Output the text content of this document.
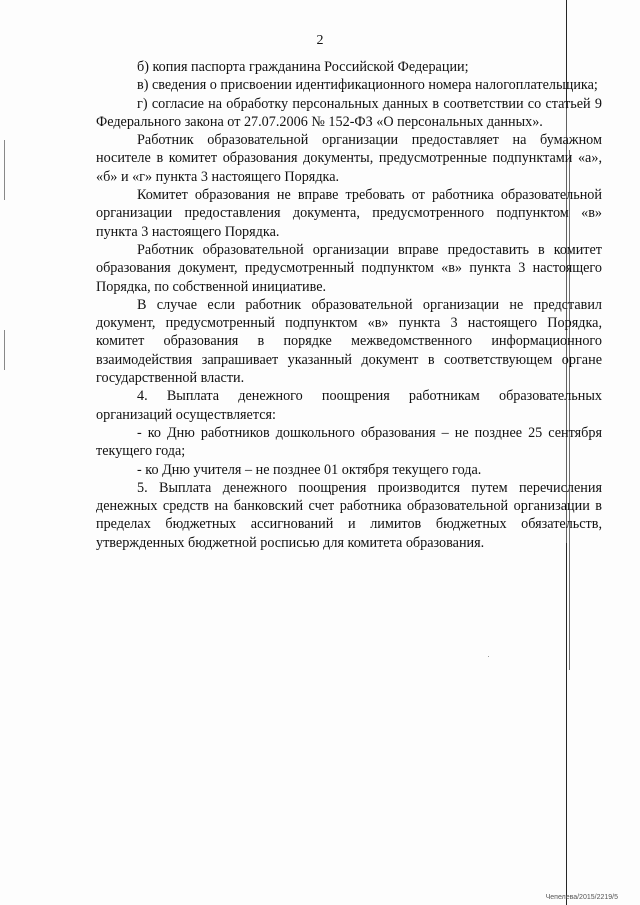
2

б) копия паспорта гражданина Российской Федерации;

в) сведения о присвоении идентификационного номера налогоплательщика;

г) согласие на обработку персональных данных в соответствии со статьей 9 Федерального закона от 27.07.2006 № 152-ФЗ «О персональных данных».

Работник образовательной организации предоставляет на бумажном носителе в комитет образования документы, предусмотренные подпунктами «а», «б» и «г» пункта 3 настоящего Порядка.

Комитет образования не вправе требовать от работника образовательной организации предоставления документа, предусмотренного подпунктом «в» пункта 3 настоящего Порядка.

Работник образовательной организации вправе предоставить в комитет образования документ, предусмотренный подпунктом «в» пункта 3 настоящего Порядка, по собственной инициативе.

В случае если работник образовательной организации не представил документ, предусмотренный подпунктом «в» пункта 3 настоящего Порядка, комитет образования в порядке межведомственного информационного взаимодействия запрашивает указанный документ в соответствующем органе государственной власти.

4. Выплата денежного поощрения работникам образовательных организаций осуществляется:

- ко Дню работников дошкольного образования – не позднее 25 сентября текущего года;

- ко Дню учителя – не позднее 01 октября текущего года.

5. Выплата денежного поощрения производится путем перечисления денежных средств на банковский счет работника образовательной организации в пределах бюджетных ассигнований и лимитов бюджетных обязательств, утвержденных бюджетной росписью для комитета образования.

Чепелева/2015/2219/5
